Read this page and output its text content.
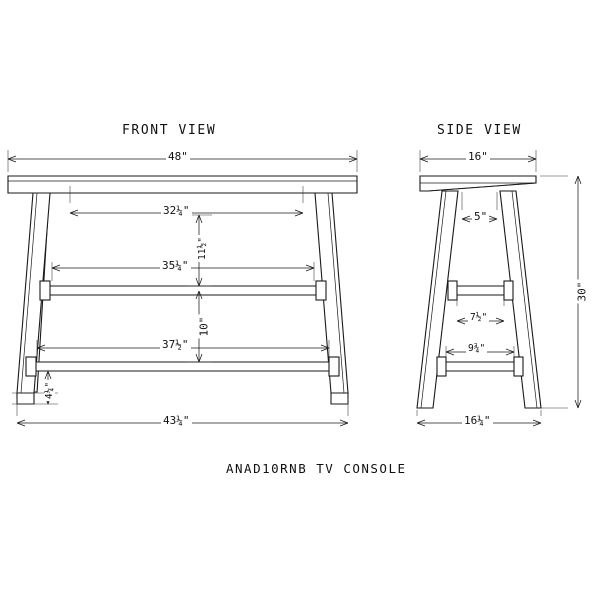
FRONT VIEW	SIDE VIEW
48"
32¼"
35¼"
37½"
43¼"
11½"
10"
4¼"
16"
5"
7½"
9¾"
16¼"
30"
ANAD10RNB TV CONSOLE
